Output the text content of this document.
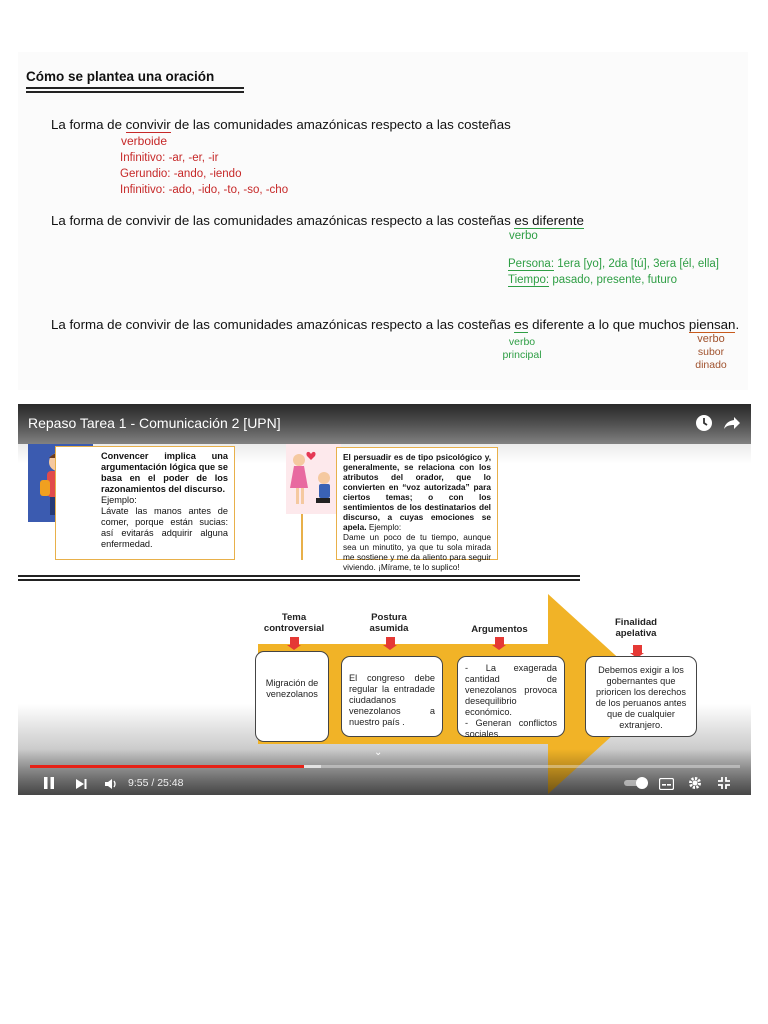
Cómo se plantea una oración
La forma de convivir de las comunidades amazónicas respecto a las costeñas
verboide
Infinitivo: -ar, -er, -ir
Gerundio: -ando, -iendo
Infinitivo: -ado, -ido, -to, -so, -cho
La forma de convivir de las comunidades amazónicas respecto a las costeñas es diferente
verbo
Persona: 1era [yo], 2da [tú], 3era [él, ella]
Tiempo: pasado, presente, futuro
La forma de convivir de las comunidades amazónicas respecto a las costeñas es diferente a lo que muchos piensan.
verbo
principal
verbo
subor
dinado
Convencer implica una argumentación lógica que se basa en el poder de los razonamientos del discurso.
Ejemplo:
Lávate las manos antes de comer, porque están sucias: así evitarás adquirir alguna enfermedad.
El persuadir es de tipo psicológico y, generalmente, se relaciona con los atributos del orador, que lo convierten en “voz autorizada” para ciertos temas; o con los sentimientos de los destinatarios del discurso, a cuyas emociones se apela. Ejemplo:
Dame un poco de tu tiempo, aunque sea un minutito, ya que tu sola mirada me sostiene y me da aliento para seguir viviendo. ¡Mírame, te lo suplico!
Tema controversial
Postura asumida	Argumentos
Finalidad apelativa
Migración de venezolanos
El congreso debe regular la entradade ciudadanos venezolanos a nuestro país .
- La exagerada cantidad de venezolanos provoca desequilibrio económico.
- Generan conflictos sociales.
Debemos exigir a los gobernantes que prioricen los derechos de los peruanos antes que de cualquier extranjero.
Repaso Tarea 1 - Comunicación 2 [UPN]
⌄
9:55 / 25:48
